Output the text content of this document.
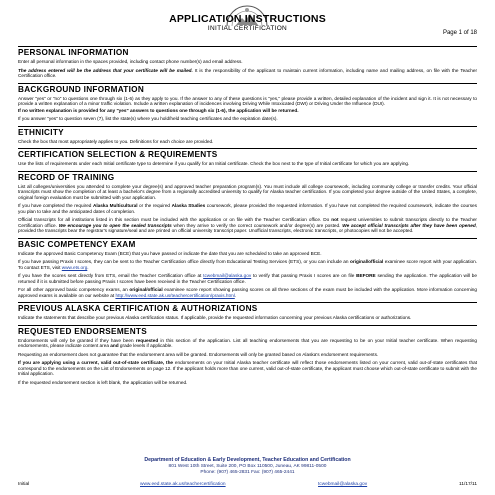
APPLICATION INSTRUCTIONS
INITIAL CERTIFICATION
Page 1 of 18
PERSONAL INFORMATION

Enter all personal information in the spaces provided, including contact phone number(s) and email address.

The address entered will be the address that your certificate will be mailed. It is the responsibility of the applicant to maintain current information, including name and mailing address, on file with the Teacher Certification office.

BACKGROUND INFORMATION

Answer "yes" or "no" to questions one through six (1-6) as they apply to you. If the answer to any of these questions is "yes," please provide a written, detailed explanation of the incident and sign it. It is not necessary to provide a written explanation of a minor traffic violation. Include a written explanation of incidences involving Driving While Intoxicated (DWI) or Driving Under the Influence (DUI).

If no written explanation is provided for any "yes" answers to questions one through six (1-6), the application will be returned.

If you answer "yes" to question seven (7), list the state(s) where you hold/held teaching certificates and the expiration date(s).

ETHNICITY

Check the box that most appropriately applies to you. Definitions for each choice are provided.

CERTIFICATION SELECTION & REQUIREMENTS

Use the lists of requirements under each Initial certificate type to determine if you qualify for an Initial certificate. Check the box next to the type of Initial certificate for which you are applying.

RECORD OF TRAINING

List all colleges/universities you attended to complete your degree(s) and approved teacher preparation program(s). You must include all college coursework, including community college or transfer credits. Your official transcripts must show the completion of at least a bachelor's degree from a regionally accredited university to qualify for Alaska teacher certification. If you completed your degree outside of the United States, a complete, original foreign evaluation must be submitted with your application.

If you have completed the required Alaska Multicultural or the required Alaska Studies coursework, please provided the requested information. If you have not completed the required coursework, indicate the courses you plan to take and the anticipated dates of completion.

Official transcripts for all institutions listed in this section must be included with the application or on file with the Teacher Certification office. Do not request universities to submit transcripts directly to the Teacher Certification office. We encourage you to open the sealed transcripts when they arrive to verify the correct coursework and/or degree(s) are posted. We accept official transcripts after they have been opened, provided the transcripts bear the registrar's signature/seal and are printed on official university transcript paper. Unofficial transcripts, electronic transcripts, or photocopies will not be accepted.

BASIC COMPETENCY EXAM

Indicate the approved Basic Competency Exam (BCE) that you have passed or indicate the date that you are scheduled to take an approved BCE.

If you have passing Praxis I scores, they can be sent to the Teacher Certification office directly from Educational Testing Services (ETS), or you can include an original/official examinee score report with your application. To contact ETS, visit www.ets.org.

If you have the scores sent directly from ETS, email the Teacher Certification office at tcwebmail@alaska.gov to verify that passing Praxis I scores are on file BEFORE sending the application. The application will be returned if it is submitted before passing Praxis I scores have been received in the Teacher Certification office.

For all other approved basic competency exams, an original/official examinee score report showing passing scores on all three sections of the exam must be included with the application. More information concerning approved exams is available on our website at http://www.eed.state.ak.us/teachercertification/praxis.html.

PREVIOUS ALASKA CERTIFICATION & AUTHORIZATIONS

Indicate the statements that describe your previous Alaska certification status. If applicable, provide the requested information concerning your previous Alaska certifications or authorizations.

REQUESTED ENDORSEMENTS

Endorsements will only be granted if they have been requested in this section of the application. List all teaching endorsements that you are requesting to be on your Initial teacher certificate. When requesting endorsements, please indicate content area and grade levels if applicable.

Requesting an endorsement does not guarantee that the endorsement area will be granted. Endorsements will only be granted based on Alaska's endorsement requirements.

If you are applying using a current, valid out-of-state certificate, the endorsements on your Initial Alaska teacher certificate will reflect those endorsements listed on your current, valid out-of-state certificates that correspond to the endorsements on the List of Endorsements on page 12. If the applicant holds more than one current, valid out-of-state certificate, the applicant must choose which out-of-state certificate to submit with the Initial application.

If the requested endorsement section is left blank, the application will be returned.

Department of Education & Early Development, Teacher Education and Certification
801 West 10th Street, Suite 200, PO Box 110500, Juneau, AK 99811-0500
Phone: (907) 465-2831 Fax: (907) 465-2441
Initial	www.eed.state.ak.us/teachercertification	tcwebmail@alaska.gov	11/17/11
